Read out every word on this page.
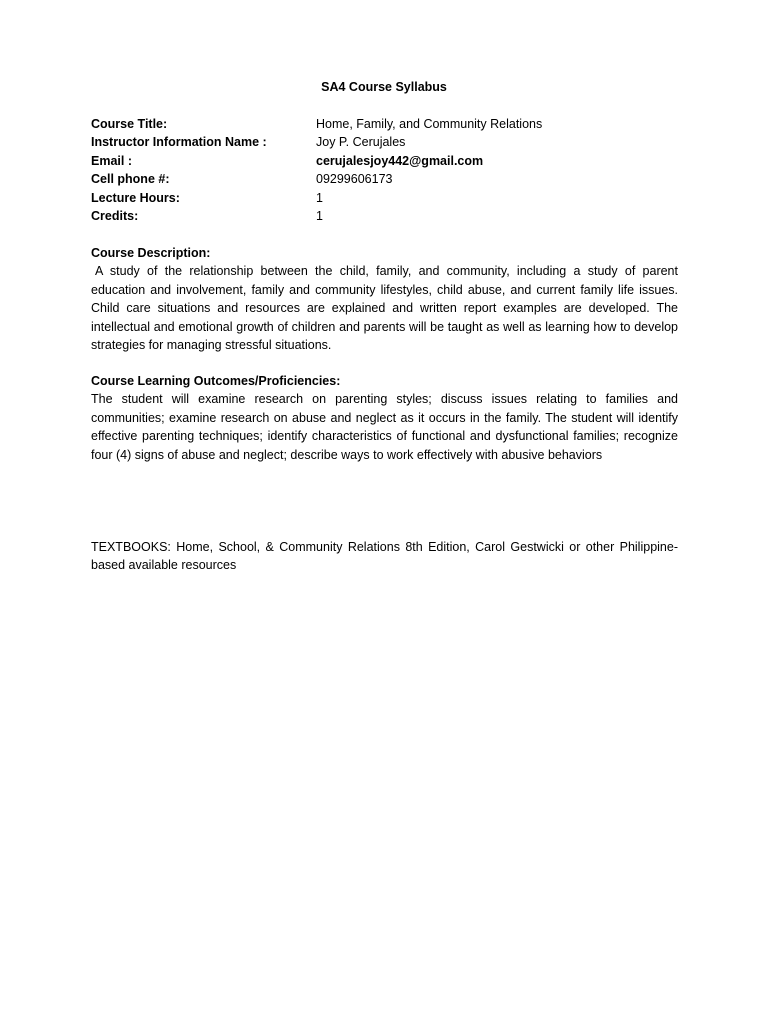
SA4 Course Syllabus
Course Title:	Home, Family, and Community Relations
Instructor Information Name :	Joy P. Cerujales
Email :	cerujalesjoy442@gmail.com
Cell phone #:	09299606173
Lecture Hours:	1
Credits:	1
Course Description:

A study of the relationship between the child, family, and community, including a study of parent education and involvement, family and community lifestyles, child abuse, and current family life issues. Child care situations and resources are explained and written report examples are developed. The intellectual and emotional growth of children and parents will be taught as well as learning how to develop strategies for managing stressful situations.

Course Learning Outcomes/Proficiencies:

The student will examine research on parenting styles; discuss issues relating to families and communities; examine research on abuse and neglect as it occurs in the family. The student will identify effective parenting techniques; identify characteristics of functional and dysfunctional families; recognize four (4) signs of abuse and neglect; describe ways to work effectively with abusive behaviors

TEXTBOOKS: Home, School, & Community Relations 8th Edition, Carol Gestwicki or other Philippine-based available resources
